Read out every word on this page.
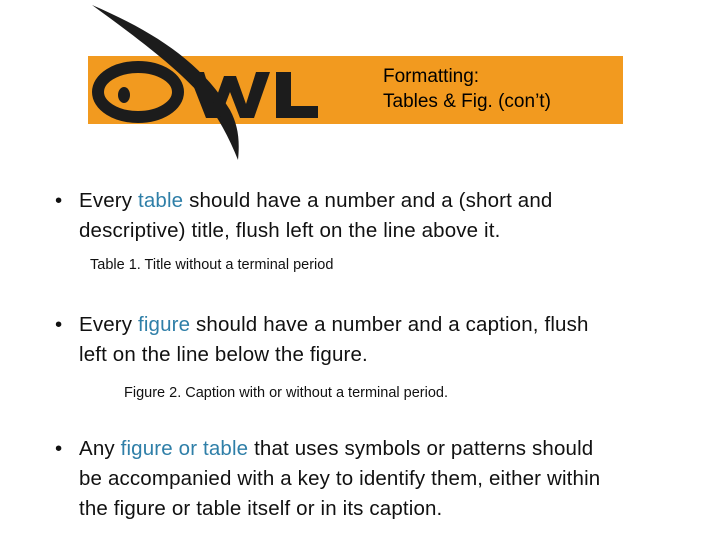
Formatting:
Tables & Fig. (con’t)
• Every table should have a number and a (short and
descriptive) title, flush left on the line above it.
Table 1. Title without a terminal period
• Every figure should have a number and a caption, flush
left on the line below the figure.
Figure 2. Caption with or without a terminal period.
• Any figure or table that uses symbols or patterns should
be accompanied with a key to identify them, either within
the figure or table itself or in its caption.
